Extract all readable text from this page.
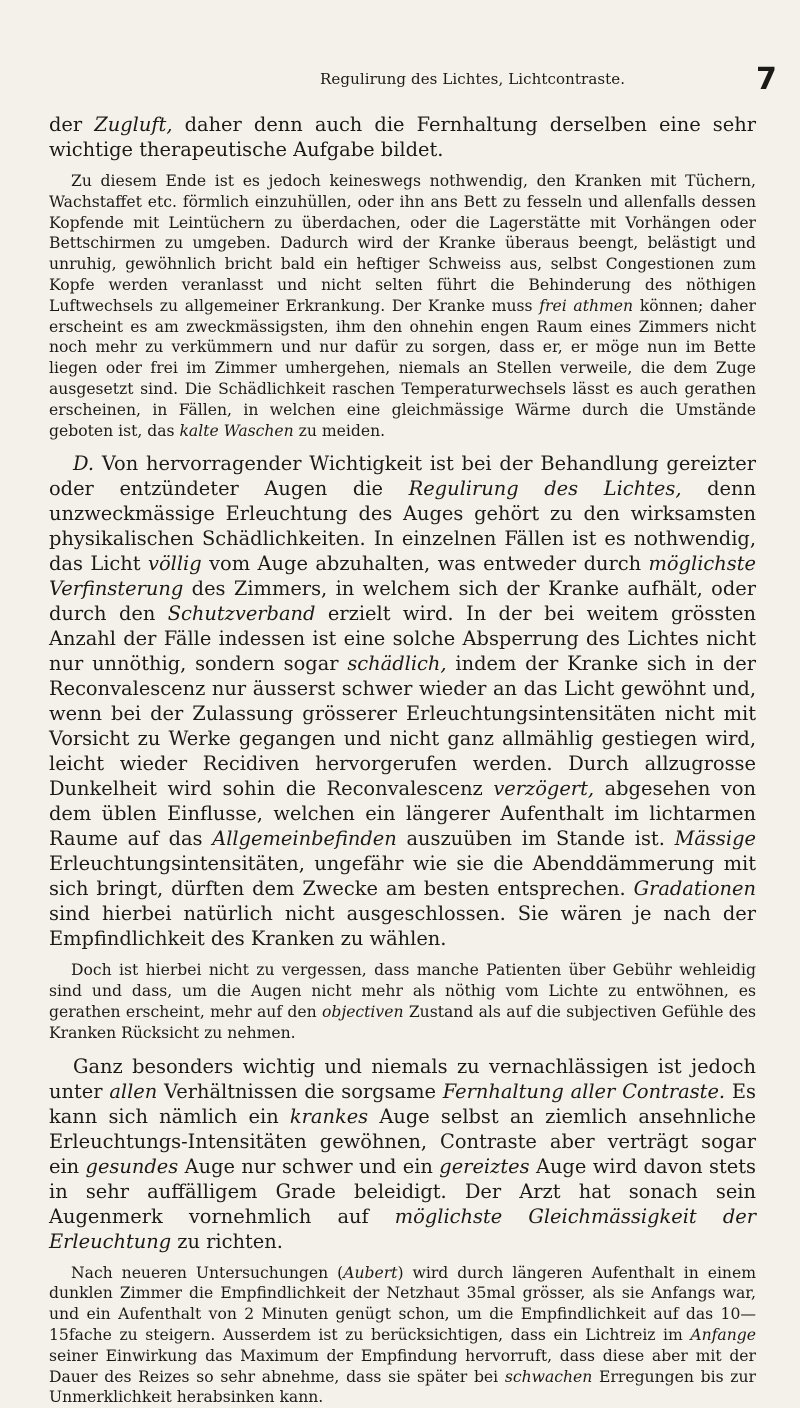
Regulirung des Lichtes, Lichtcontraste.	7

der Zugluft, daher denn auch die Fernhaltung derselben eine sehr wichtige therapeutische Aufgabe bildet.

Zu diesem Ende ist es jedoch keineswegs nothwendig, den Kranken mit Tüchern, Wachstaffet etc. förmlich einzuhüllen, oder ihn ans Bett zu fesseln und allenfalls dessen Kopfende mit Leintüchern zu überdachen, oder die Lagerstätte mit Vorhängen oder Bettschirmen zu umgeben. Dadurch wird der Kranke überaus beengt, belästigt und unruhig, gewöhnlich bricht bald ein heftiger Schweiss aus, selbst Congestionen zum Kopfe werden veranlasst und nicht selten führt die Behinderung des nöthigen Luftwechsels zu allgemeiner Erkrankung. Der Kranke muss frei athmen können; daher erscheint es am zweckmässigsten, ihm den ohnehin engen Raum eines Zimmers nicht noch mehr zu verkümmern und nur dafür zu sorgen, dass er, er möge nun im Bette liegen oder frei im Zimmer umhergehen, niemals an Stellen verweile, die dem Zuge ausgesetzt sind. Die Schädlichkeit raschen Temperaturwechsels lässt es auch gerathen erscheinen, in Fällen, in welchen eine gleichmässige Wärme durch die Umstände geboten ist, das kalte Waschen zu meiden.

D. Von hervorragender Wichtigkeit ist bei der Behandlung gereizter oder entzündeter Augen die Regulirung des Lichtes, denn unzweckmässige Erleuchtung des Auges gehört zu den wirksamsten physikalischen Schädlichkeiten. In einzelnen Fällen ist es nothwendig, das Licht völlig vom Auge abzuhalten, was entweder durch möglichste Verfinsterung des Zimmers, in welchem sich der Kranke aufhält, oder durch den Schutzverband erzielt wird. In der bei weitem grössten Anzahl der Fälle indessen ist eine solche Absperrung des Lichtes nicht nur unnöthig, sondern sogar schädlich, indem der Kranke sich in der Reconvalescenz nur äusserst schwer wieder an das Licht gewöhnt und, wenn bei der Zulassung grösserer Erleuchtungsintensitäten nicht mit Vorsicht zu Werke gegangen und nicht ganz allmählig gestiegen wird, leicht wieder Recidiven hervorgerufen werden. Durch allzugrosse Dunkelheit wird sohin die Reconvalescenz verzögert, abgesehen von dem üblen Einflusse, welchen ein längerer Aufenthalt im lichtarmen Raume auf das Allgemeinbefinden auszuüben im Stande ist. Mässige Erleuchtungsintensitäten, ungefähr wie sie die Abenddämmerung mit sich bringt, dürften dem Zwecke am besten entsprechen. Gradationen sind hierbei natürlich nicht ausgeschlossen. Sie wären je nach der Empfindlichkeit des Kranken zu wählen.

Doch ist hierbei nicht zu vergessen, dass manche Patienten über Gebühr wehleidig sind und dass, um die Augen nicht mehr als nöthig vom Lichte zu entwöhnen, es gerathen erscheint, mehr auf den objectiven Zustand als auf die subjectiven Gefühle des Kranken Rücksicht zu nehmen.

Ganz besonders wichtig und niemals zu vernachlässigen ist jedoch unter allen Verhältnissen die sorgsame Fernhaltung aller Contraste. Es kann sich nämlich ein krankes Auge selbst an ziemlich ansehnliche Erleuchtungs-Intensitäten gewöhnen, Contraste aber verträgt sogar ein gesundes Auge nur schwer und ein gereiztes Auge wird davon stets in sehr auffälligem Grade beleidigt. Der Arzt hat sonach sein Augenmerk vornehmlich auf möglichste Gleichmässigkeit der Erleuchtung zu richten.

Nach neueren Untersuchungen (Aubert) wird durch längeren Aufenthalt in einem dunklen Zimmer die Empfindlichkeit der Netzhaut 35mal grösser, als sie Anfangs war, und ein Aufenthalt von 2 Minuten genügt schon, um die Empfindlichkeit auf das 10—15fache zu steigern. Ausserdem ist zu berücksichtigen, dass ein Lichtreiz im Anfange seiner Einwirkung das Maximum der Empfindung hervorruft, dass diese aber mit der Dauer des Reizes so sehr abnehme, dass sie später bei schwachen Erregungen bis zur Unmerklichkeit herabsinken kann.
